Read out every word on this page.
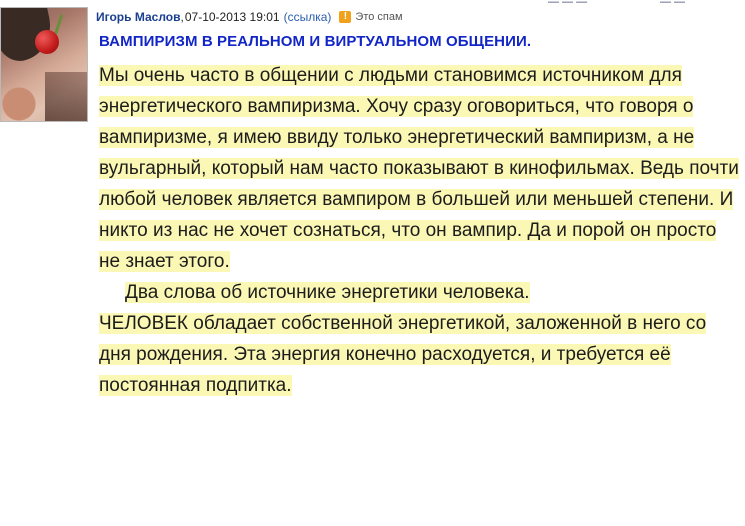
— — —	— —
Игорь Маслов , 07-10-2013 19:01 (ссылка)	! Это спам
ВАМПИРИЗМ В РЕАЛЬНОМ И ВИРТУАЛЬНОМ ОБЩЕНИИ.

Мы очень часто в общении с людьми становимся источником для энергетического вампиризма. Хочу сразу оговориться, что говоря о вампиризме, я имею ввиду только энергетический вампиризм, а не вульгарный, который нам часто показывают в кинофильмах. Ведь почти любой человек является вампиром в большей или меньшей степени. И никто из нас не хочет сознаться, что он вампир. Да и порой он просто не знает этого.

Два слова об источнике энергетики человека.

ЧЕЛОВЕК обладает собственной энергетикой, заложенной в него со дня рождения. Эта энергия конечно расходуется, и требуется её постоянная подпитка.
